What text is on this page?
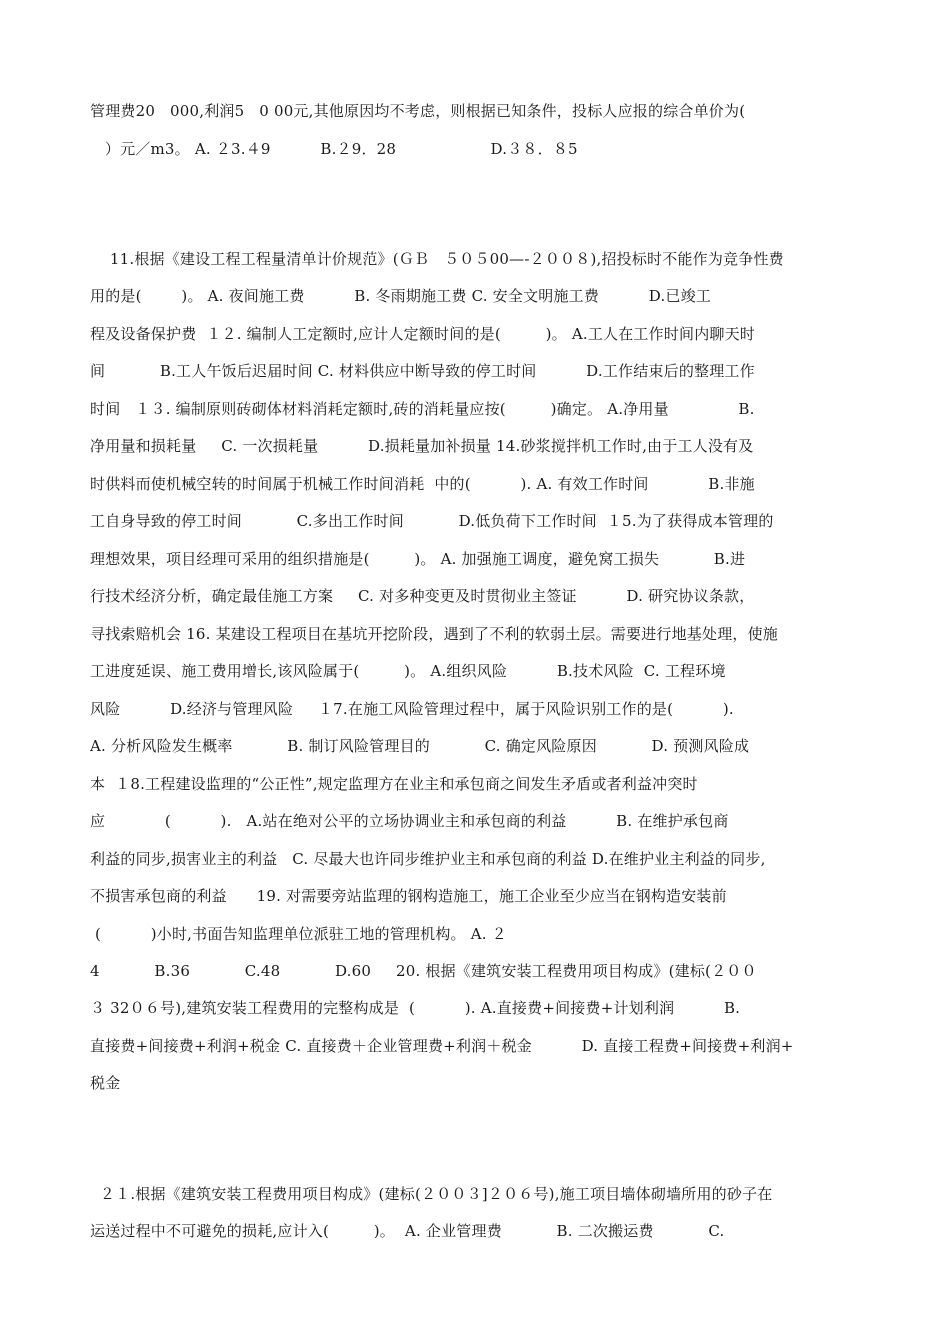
管理费20   000,利润5   0 00元,其他原因均不考虑，则根据已知条件，投标人应报的综合单价为(
）元／m3。 A. ２3.４9          B.２9．28                   D.３８．８5
11.根据《建设工程工程量清单计价规范》(ＧＢ   ５０５00—-２００８),招投标时不能作为竞争性费
用的是(        )。 A. 夜间施工费          B. 冬雨期施工费 C. 安全文明施工费          D.已竣工
程及设备保护费  １２. 编制人工定额时,应计人定额时间的是(         )。 A.工人在工作时间内聊天时
间           B.工人午饭后迟届时间 C. 材料供应中断导致的停工时间          D.工作结束后的整理工作
时间   １３. 编制原则砖砌体材料消耗定额时,砖的消耗量应按(         )确定。 A.净用量              B.
净用量和损耗量     C. 一次损耗量          D.损耗量加补损量 14.砂浆搅拌机工作时,由于工人没有及
时供料而使机械空转的时间属于机械工作时间消耗  中的(          ). A. 有效工作时间            B.非施
工自身导致的停工时间           C.多出工作时间           D.低负荷下工作时间  １5.为了获得成本管理的
理想效果，项目经理可采用的组织措施是(         )。 A. 加强施工调度，避免窝工损失           B.进
行技术经济分析，确定最佳施工方案     C. 对多种变更及时贯彻业主签证          D. 研究协议条款，
寻找索赔机会 16. 某建设工程项目在基坑开挖阶段，遇到了不利的软弱土层。需要进行地基处理，使施
工进度延误、施工费用增长,该风险属于(         )。 A.组织风险          B.技术风险  C. 工程环境
风险          D.经济与管理风险     １7.在施工风险管理过程中，属于风险识别工作的是(          ).
A. 分析风险发生概率           B. 制订风险管理目的           C. 确定风险原因           D. 预测风险成
本  １8.工程建设监理的“公正性”,规定监理方在业主和承包商之间发生矛盾或者利益冲突时
应            (          ).   A.站在绝对公平的立场协调业主和承包商的利益          B. 在维护承包商
利益的同步,损害业主的利益   C. 尽最大也许同步维护业主和承包商的利益 D.在维护业主利益的同步,
不损害承包商的利益      19. 对需要旁站监理的钢构造施工，施工企业至少应当在钢构造安装前
(          )小时,书面告知监理单位派驻工地的管理机构。 A. ２
4           B.36           C.48           D.60     20. 根据《建筑安装工程费用项目构成》(建标(２００
３ 32０６号),建筑安装工程费用的完整构成是  (          ). A.直接费+间接费+计划利润          B.
直接费+间接费+利润+税金 C. 直接费＋企业管理费+利润＋税金          D. 直接工程费+间接费+利润+
税金
２１.根据《建筑安装工程费用项目构成》(建标(２００３]２０６号),施工项目墙体砌墙所用的砂子在
运送过程中不可避免的损耗,应计入(         )。  A. 企业管理费           B. 二次搬运费           C.
